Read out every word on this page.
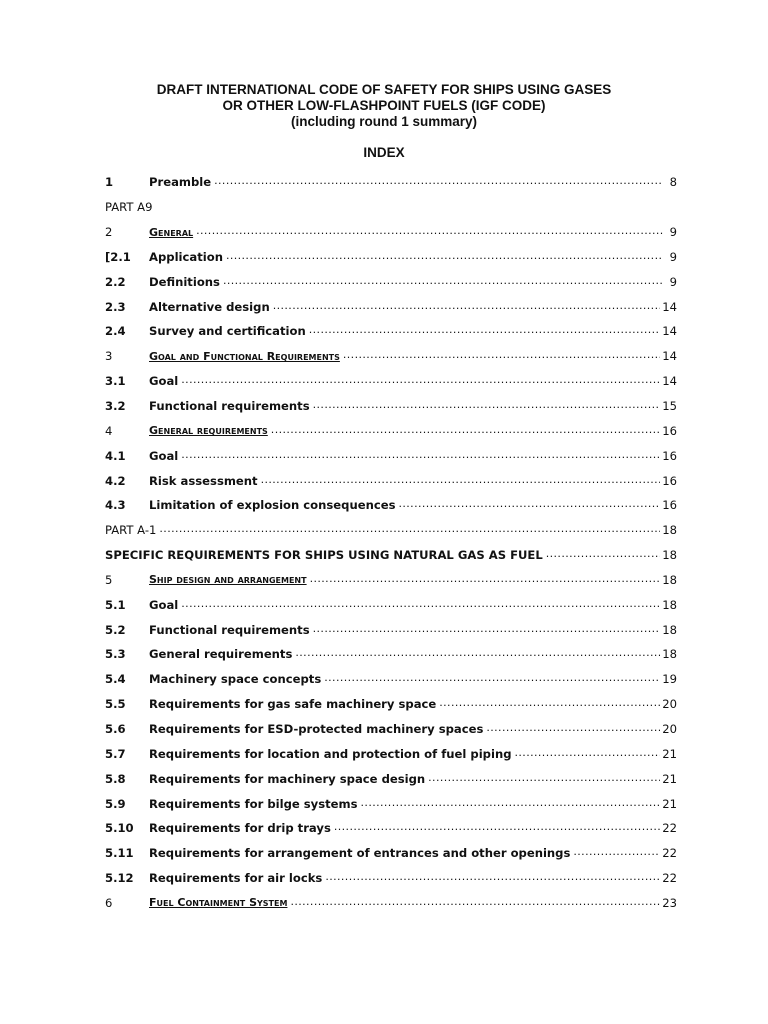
DRAFT INTERNATIONAL CODE OF SAFETY FOR SHIPS USING GASES
OR OTHER LOW-FLASHPOINT FUELS (IGF CODE)
(including round 1 summary)
INDEX
1	Preamble .....	8
PART A9
2	General .....	9
[2.1	Application .....	9
2.2	Definitions .....	9
2.3	Alternative design .....	14
2.4	Survey and certification .....	14
3	Goal and Functional Requirements .....	14
3.1	Goal .....	14
3.2	Functional requirements .....	15
4	General requirements .....	16
4.1	Goal .....	16
4.2	Risk assessment .....	16
4.3	Limitation of explosion consequences .....	16
PART A-1 .....	18
SPECIFIC REQUIREMENTS FOR SHIPS USING NATURAL GAS AS FUEL .....	18
5	Ship design and arrangement .....	18
5.1	Goal .....	18
5.2	Functional requirements .....	18
5.3	General requirements .....	18
5.4	Machinery space concepts .....	19
5.5	Requirements for gas safe machinery space .....	20
5.6	Requirements for ESD-protected machinery spaces .....	20
5.7	Requirements for location and protection of fuel piping .....	21
5.8	Requirements for machinery space design .....	21
5.9	Requirements for bilge systems .....	21
5.10	Requirements for drip trays .....	22
5.11	Requirements for arrangement of entrances and other openings .....	22
5.12	Requirements for air locks .....	22
6	Fuel Containment System .....	23
